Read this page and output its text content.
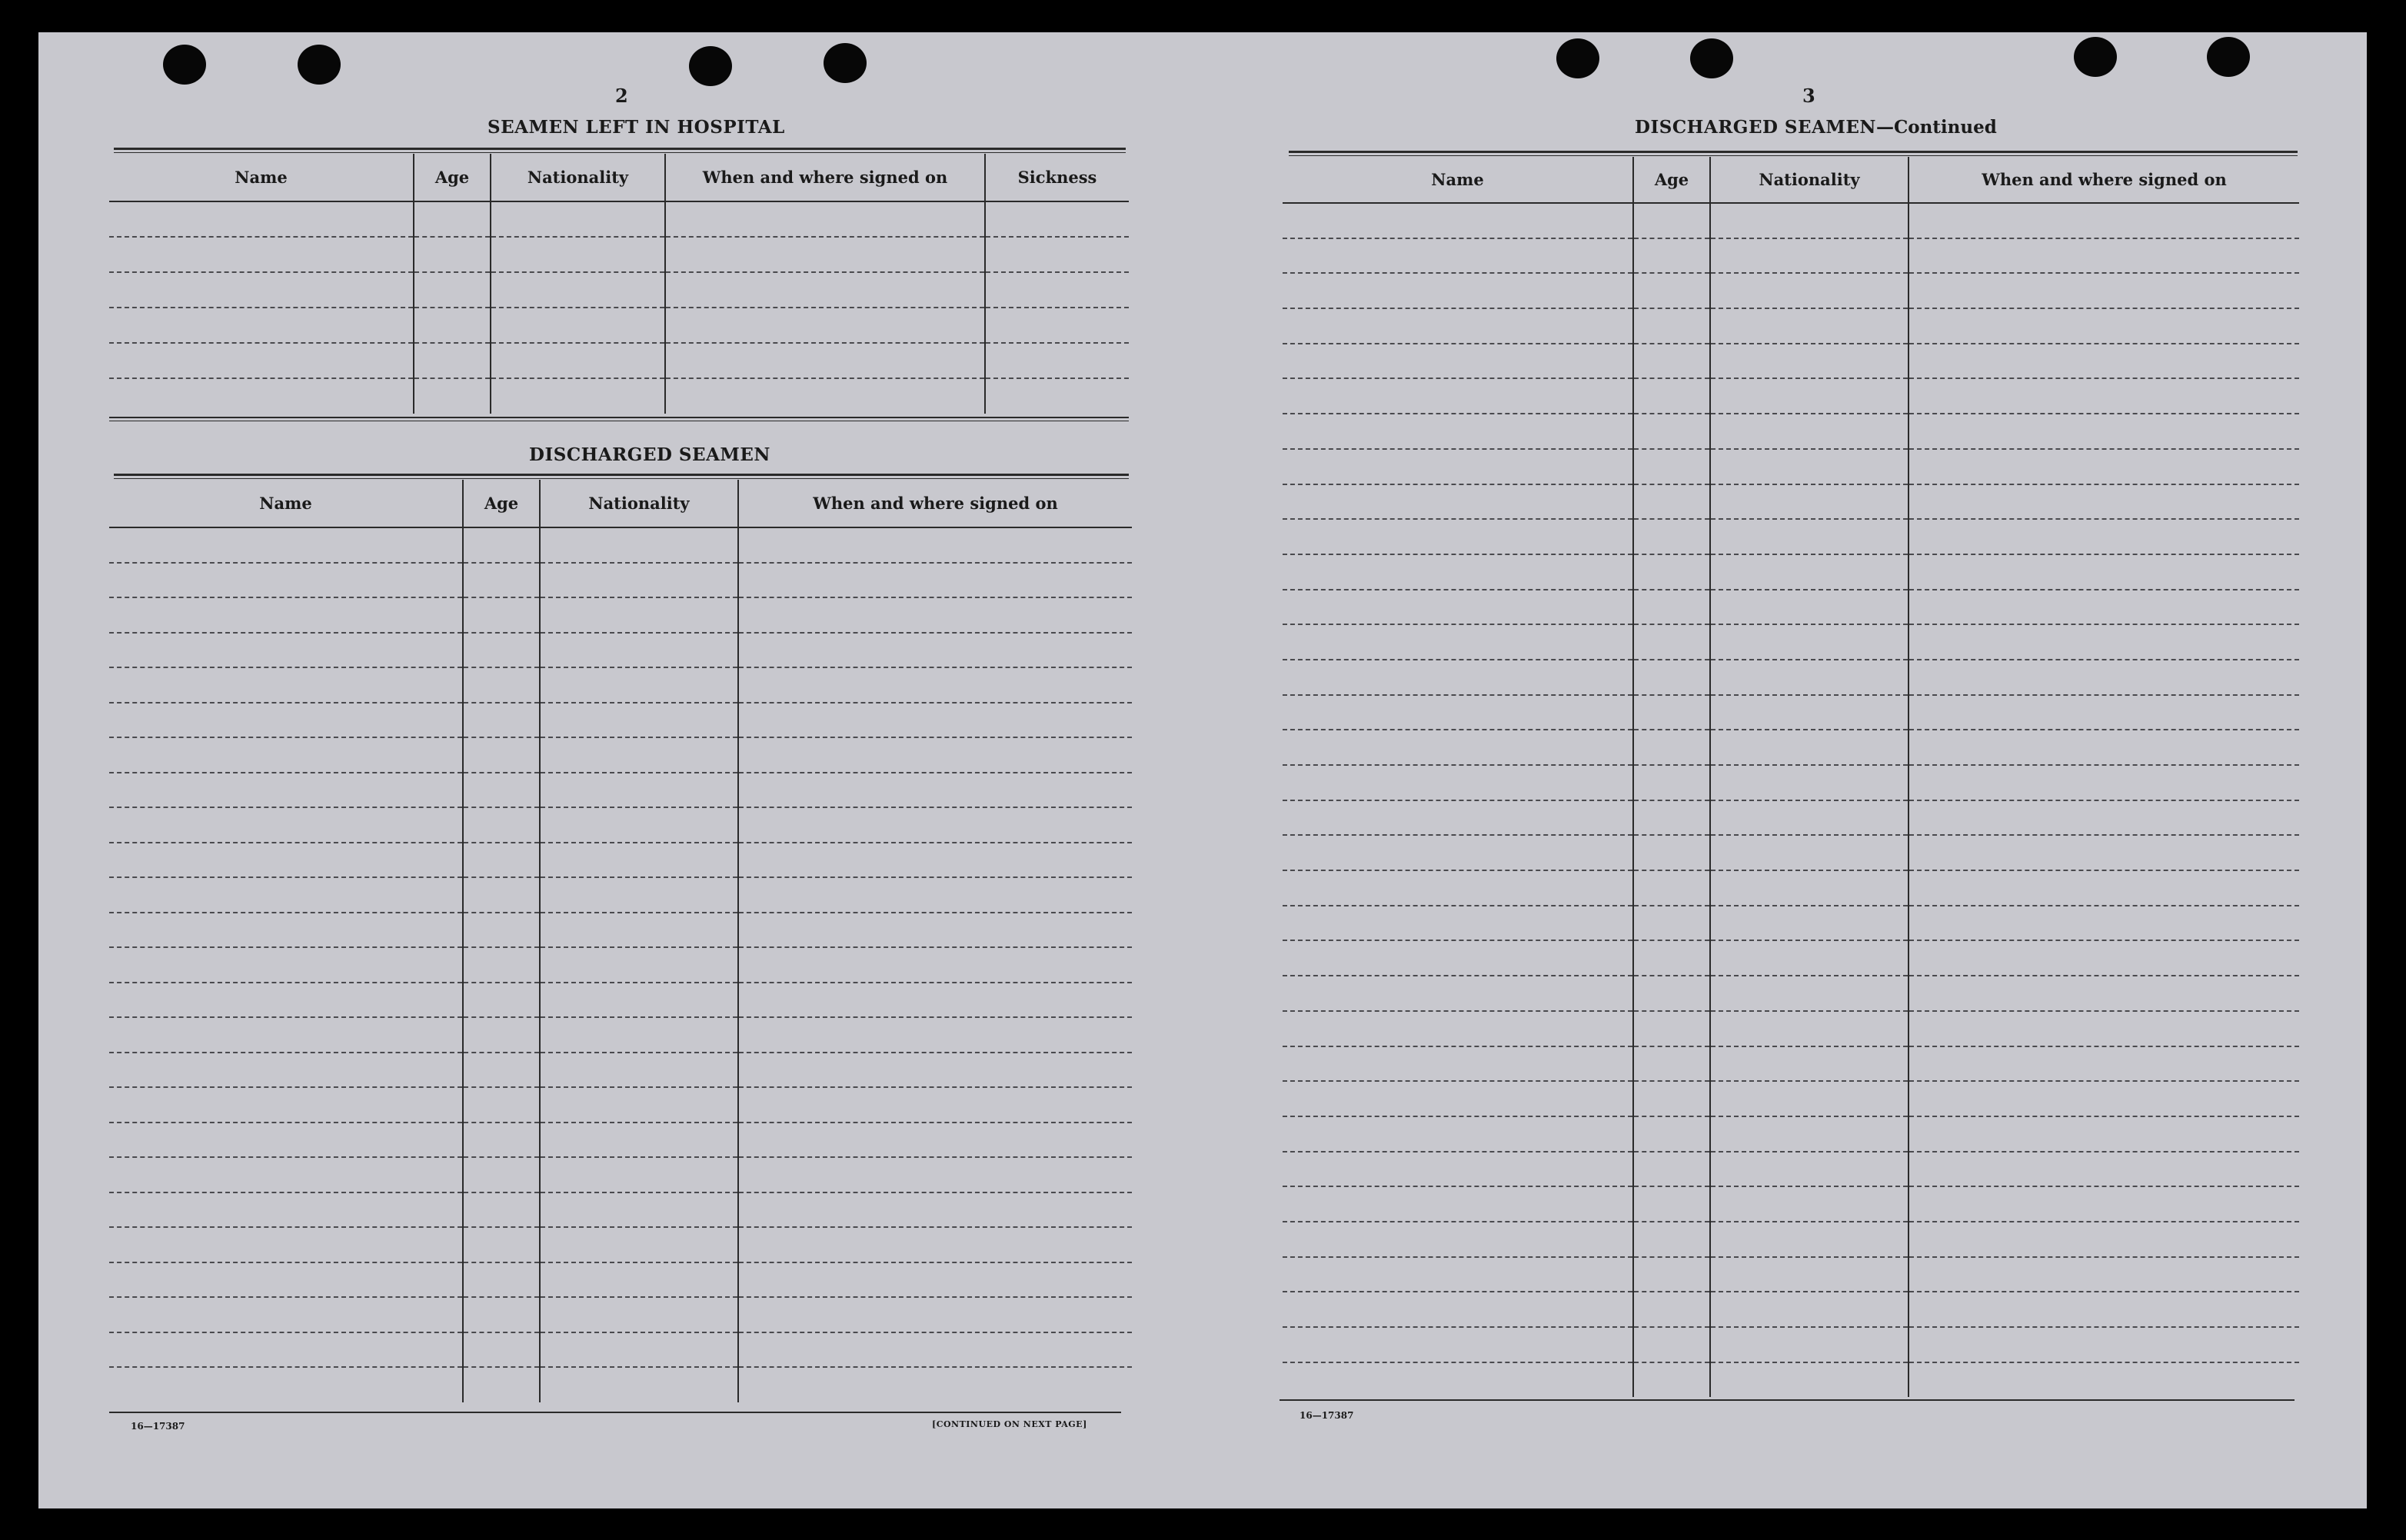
2

SEAMEN LEFT IN HOSPITAL

Name	Age	Nationality	When and where signed on	Sickness

DISCHARGED SEAMEN

Name	Age	Nationality	When and where signed on

16—17387	[CONTINUED ON NEXT PAGE]

3

DISCHARGED SEAMEN—Continued

Name	Age	Nationality	When and where signed on

16—17387
